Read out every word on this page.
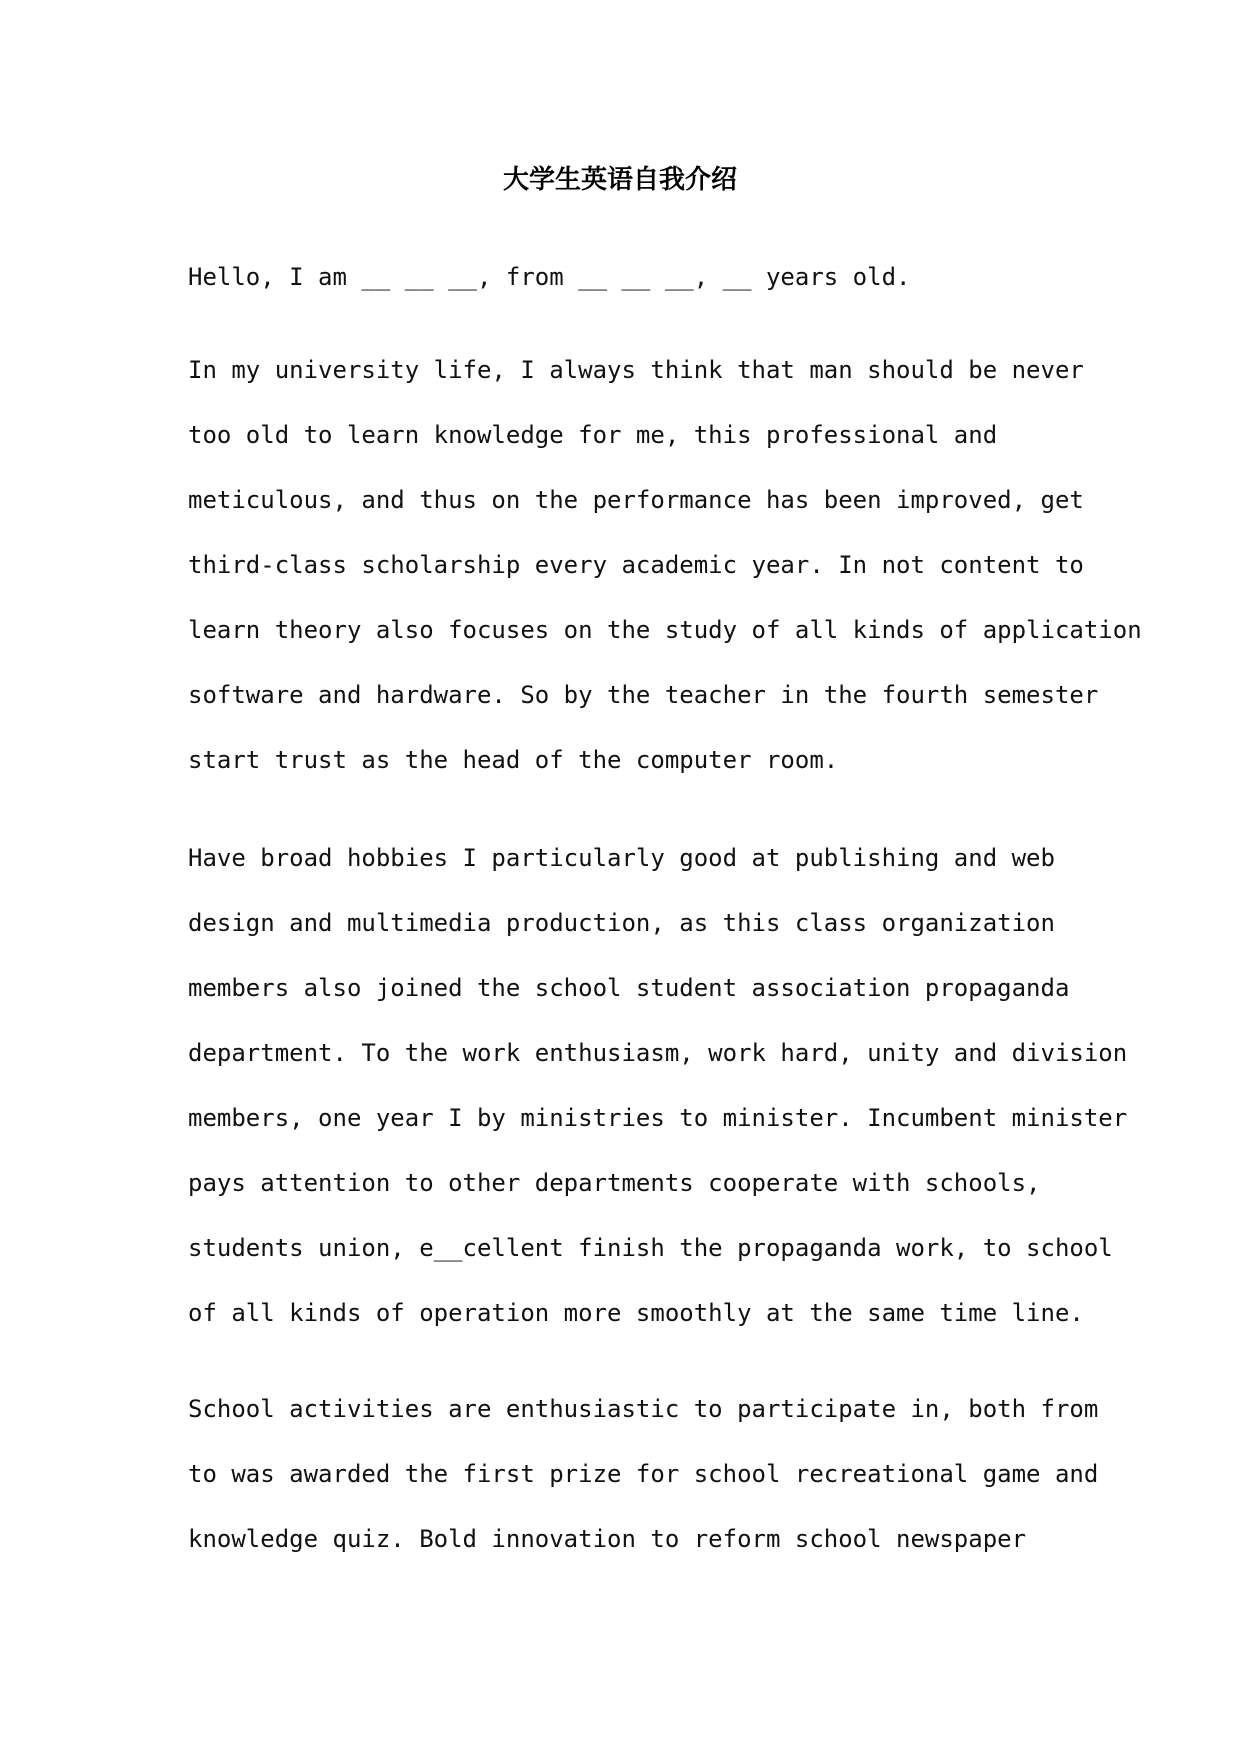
大学生英语自我介绍
Hello, I am __ __ __, from __ __ __, __ years old.
In my university life, I always think that man should be never
too old to learn knowledge for me, this professional and
meticulous, and thus on the performance has been improved, get
third-class scholarship every academic year. In not content to
learn theory also focuses on the study of all kinds of application
software and hardware. So by the teacher in the fourth semester
start trust as the head of the computer room.
Have broad hobbies I particularly good at publishing and web
design and multimedia production, as this class organization
members also joined the school student association propaganda
department. To the work enthusiasm, work hard, unity and division
members, one year I by ministries to minister. Incumbent minister
pays attention to other departments cooperate with schools,
students union, e__cellent finish the propaganda work, to school
of all kinds of operation more smoothly at the same time line.
School activities are enthusiastic to participate in, both from
to was awarded the first prize for school recreational game and
knowledge quiz. Bold innovation to reform school newspaper
